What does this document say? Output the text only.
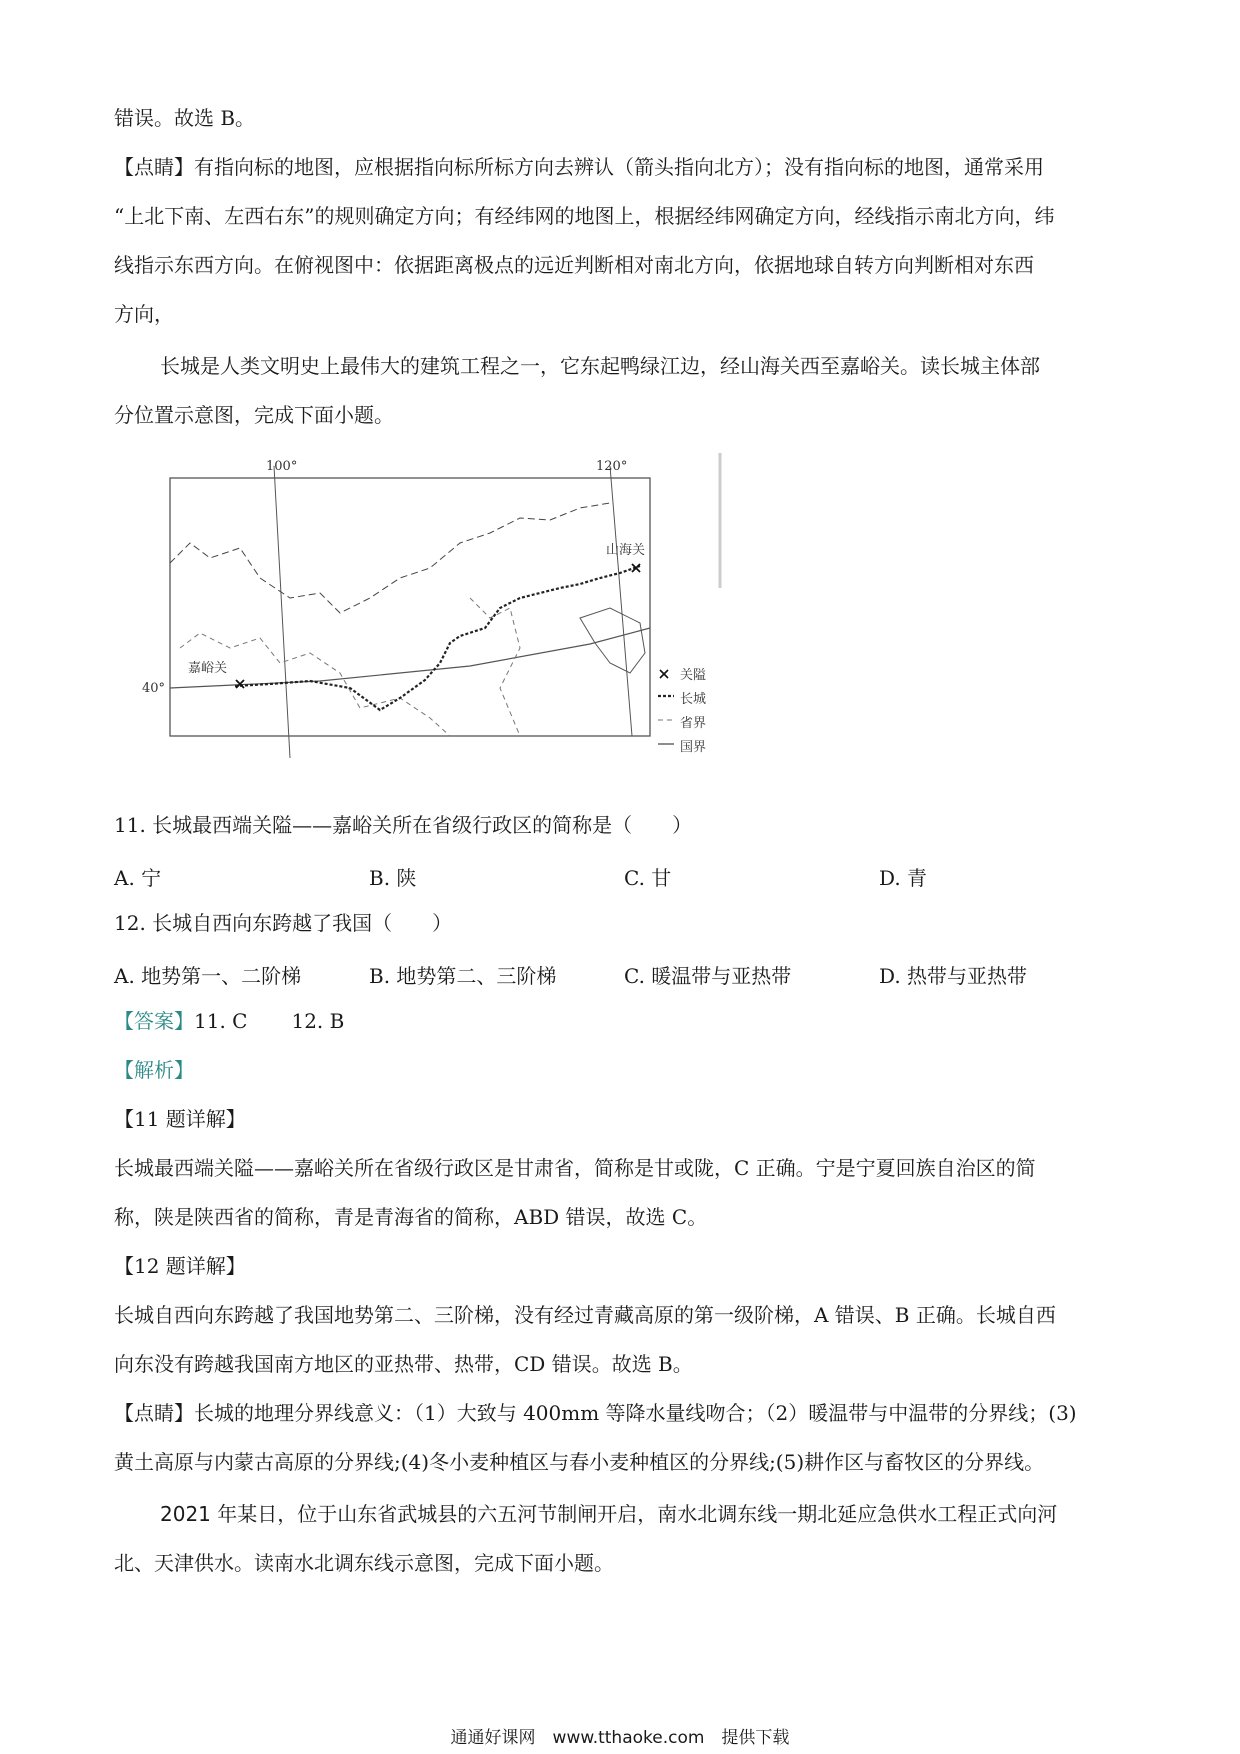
错误。故选 B。
【点睛】有指向标的地图，应根据指向标所标方向去辨认（箭头指向北方）；没有指向标的地图，通常采用
“上北下南、左西右东”的规则确定方向；有经纬网的地图上，根据经纬网确定方向，经线指示南北方向，纬
线指示东西方向。在俯视图中：依据距离极点的远近判断相对南北方向，依据地球自转方向判断相对东西
方向，
长城是人类文明史上最伟大的建筑工程之一，它东起鸭绿江边，经山海关西至嘉峪关。读长城主体部
分位置示意图，完成下面小题。
100°	120°
40°
嘉峪关
山海关
关隘
长城
省界
国界
11. 长城最西端关隘——嘉峪关所在省级行政区的简称是（　　）
A. 宁	B. 陕	C. 甘	D. 青
12. 长城自西向东跨越了我国（　　）
A. 地势第一、二阶梯	B. 地势第二、三阶梯	C. 暖温带与亚热带	D. 热带与亚热带
【答案】11. C 12. B
【解析】
【11 题详解】
长城最西端关隘——嘉峪关所在省级行政区是甘肃省，简称是甘或陇，C 正确。宁是宁夏回族自治区的简
称，陕是陕西省的简称，青是青海省的简称，ABD 错误，故选 C。
【12 题详解】
长城自西向东跨越了我国地势第二、三阶梯，没有经过青藏高原的第一级阶梯，A 错误、B 正确。长城自西
向东没有跨越我国南方地区的亚热带、热带，CD 错误。故选 B。
【点睛】长城的地理分界线意义：（1）大致与 400mm 等降水量线吻合；（2）暖温带与中温带的分界线；(3)
黄土高原与内蒙古高原的分界线;(4)冬小麦种植区与春小麦种植区的分界线;(5)耕作区与畜牧区的分界线。
2021 年某日，位于山东省武城县的六五河节制闸开启，南水北调东线一期北延应急供水工程正式向河
北、天津供水。读南水北调东线示意图，完成下面小题。
通通好课网　www.tthaoke.com　提供下载
